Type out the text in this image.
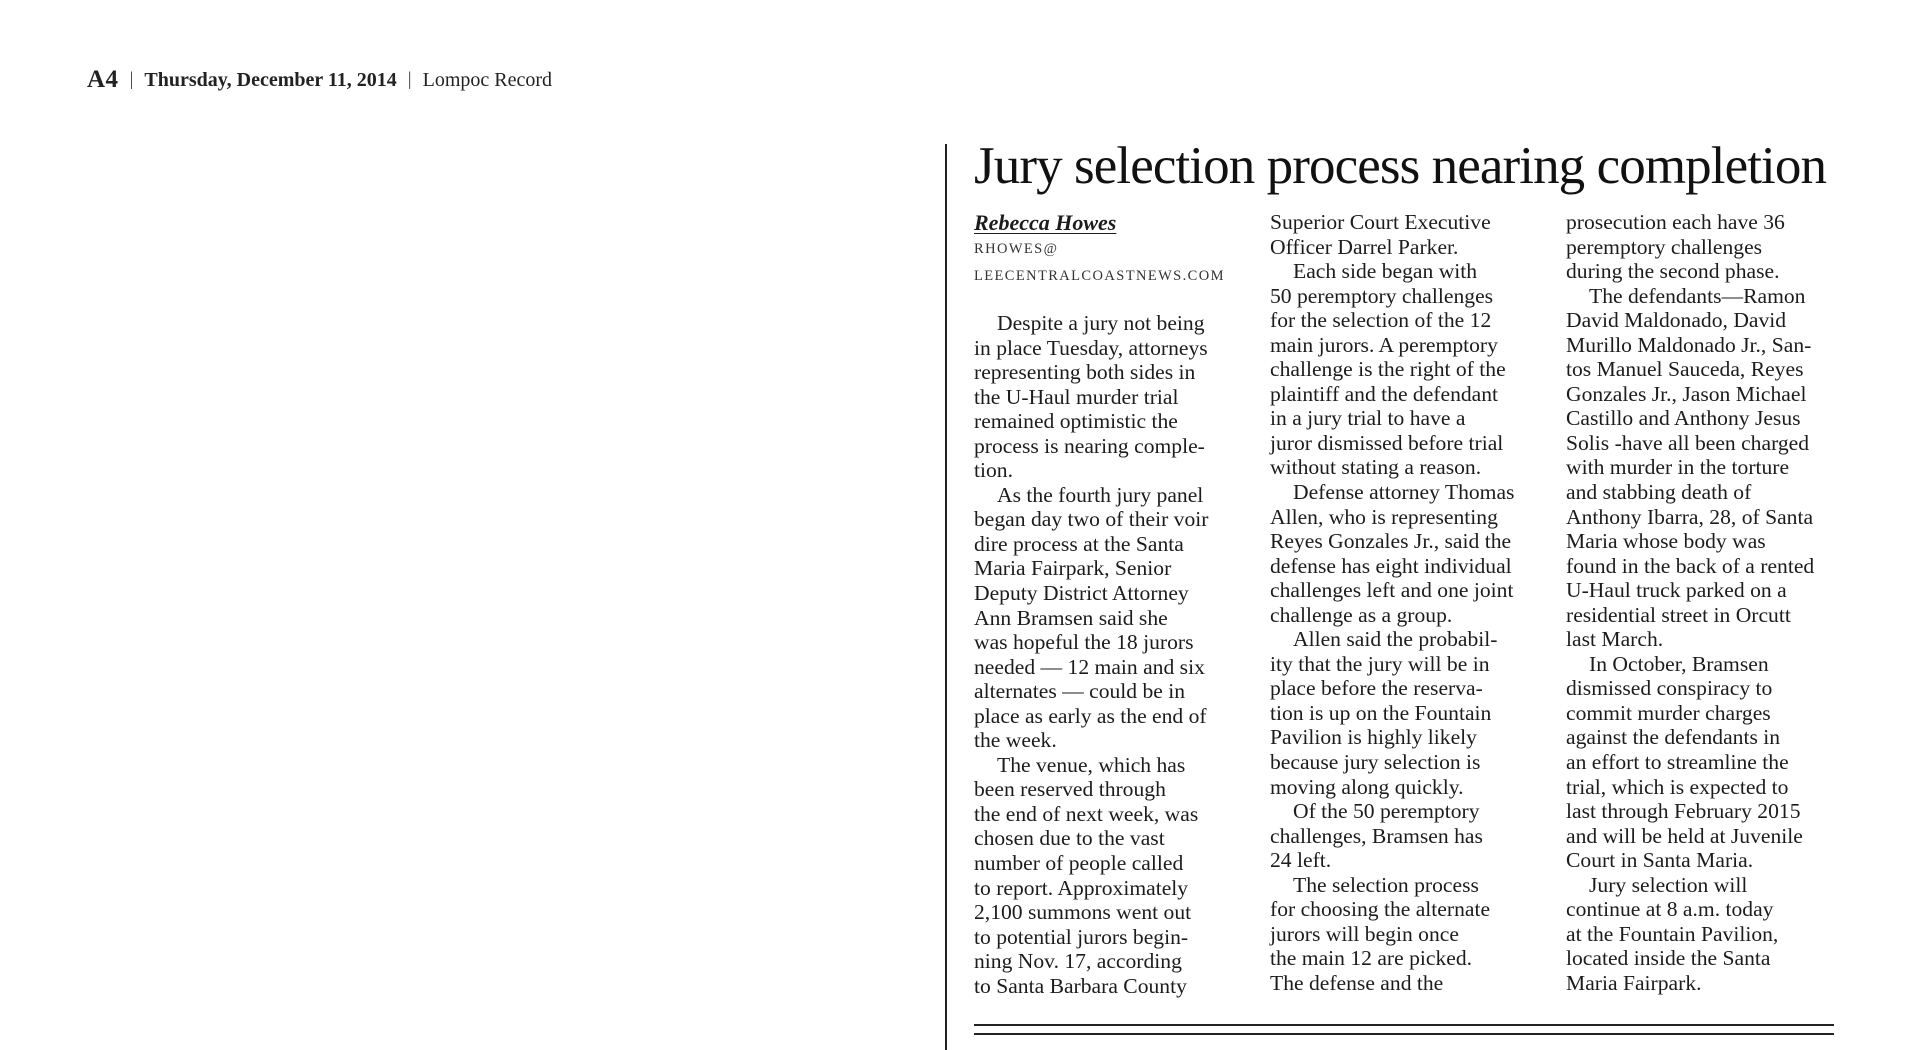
A4 | Thursday, December 11, 2014 | Lompoc Record
Jury selection process nearing completion
Rebecca Howes
RHOWES@
LEECENTRALCOASTNEWS.COM
Despite a jury not being
in place Tuesday, attorneys
representing both sides in
the U-Haul murder trial
remained optimistic the
process is nearing comple-
tion.
As the fourth jury panel
began day two of their voir
dire process at the Santa
Maria Fairpark, Senior
Deputy District Attorney
Ann Bramsen said she
was hopeful the 18 jurors
needed — 12 main and six
alternates — could be in
place as early as the end of
the week.
The venue, which has
been reserved through
the end of next week, was
chosen due to the vast
number of people called
to report. Approximately
2,100 summons went out
to potential jurors begin-
ning Nov. 17, according
to Santa Barbara County
Superior Court Executive
Officer Darrel Parker.
Each side began with
50 peremptory challenges
for the selection of the 12
main jurors. A peremptory
challenge is the right of the
plaintiff and the defendant
in a jury trial to have a
juror dismissed before trial
without stating a reason.
Defense attorney Thomas
Allen, who is representing
Reyes Gonzales Jr., said the
defense has eight individual
challenges left and one joint
challenge as a group.
Allen said the probabil-
ity that the jury will be in
place before the reserva-
tion is up on the Fountain
Pavilion is highly likely
because jury selection is
moving along quickly.
Of the 50 peremptory
challenges, Bramsen has
24 left.
The selection process
for choosing the alternate
jurors will begin once
the main 12 are picked.
The defense and the
prosecution each have 36
peremptory challenges
during the second phase.
The defendants—Ramon
David Maldonado, David
Murillo Maldonado Jr., San-
tos Manuel Sauceda, Reyes
Gonzales Jr., Jason Michael
Castillo and Anthony Jesus
Solis -have all been charged
with murder in the torture
and stabbing death of
Anthony Ibarra, 28, of Santa
Maria whose body was
found in the back of a rented
U-Haul truck parked on a
residential street in Orcutt
last March.
In October, Bramsen
dismissed conspiracy to
commit murder charges
against the defendants in
an effort to streamline the
trial, which is expected to
last through February 2015
and will be held at Juvenile
Court in Santa Maria.
Jury selection will
continue at 8 a.m. today
at the Fountain Pavilion,
located inside the Santa
Maria Fairpark.
